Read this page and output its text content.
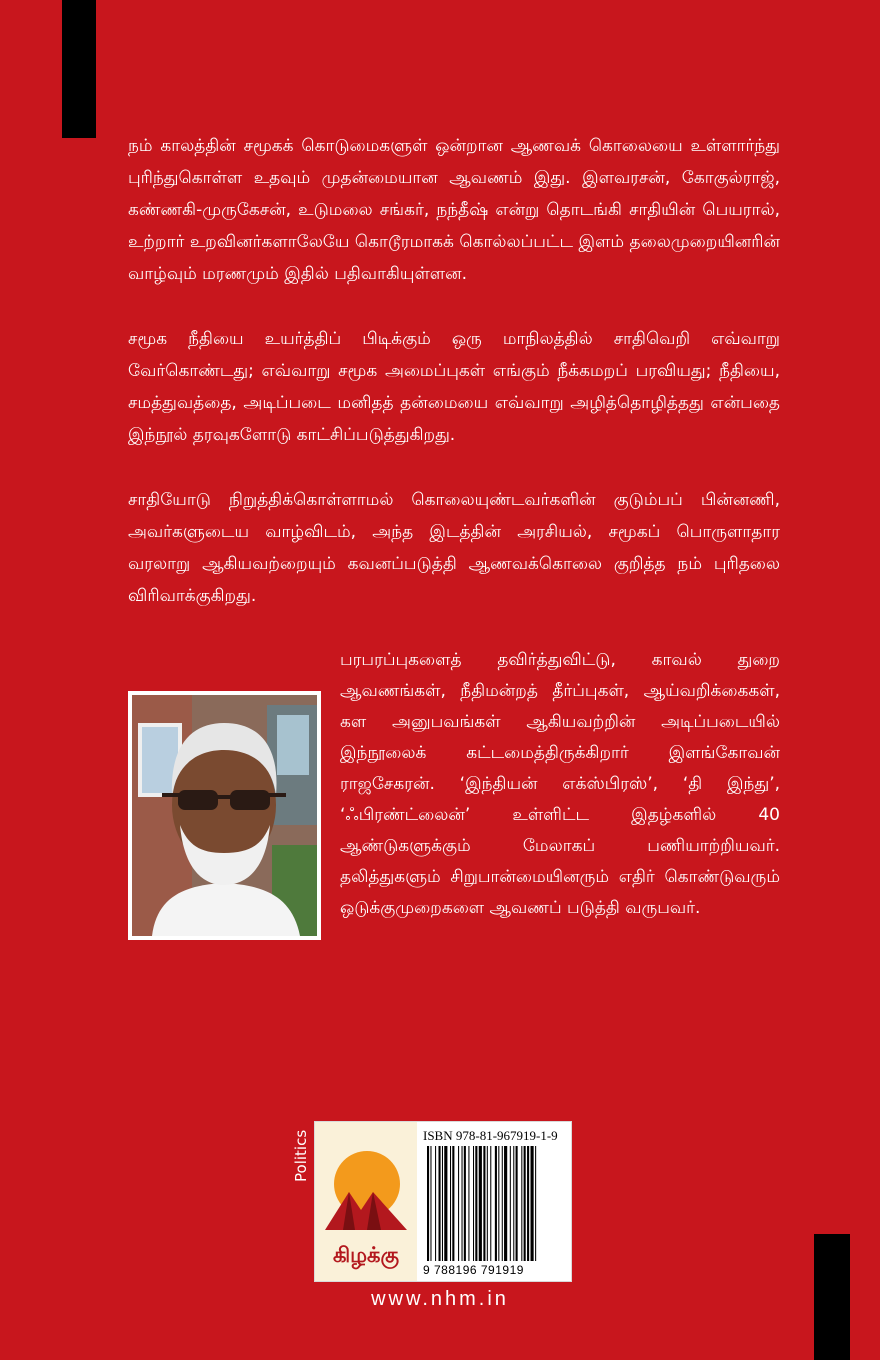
நம் காலத்தின் சமூகக் கொடுமைகளுள் ஒன்றான ஆணவக் கொலையை உள்ளார்ந்து புரிந்துகொள்ள உதவும் முதன்மையான ஆவணம் இது. இளவரசன், கோகுல்ராஜ், கண்ணகி-முருகேசன், உடுமலை சங்கர், நந்தீஷ் என்று தொடங்கி சாதியின் பெயரால், உற்றார் உறவினர்களாலேயே கொடூரமாகக் கொல்லப்பட்ட இளம் தலைமுறையினரின் வாழ்வும் மரணமும் இதில் பதிவாகியுள்ளன.

சமூக நீதியை உயர்த்திப் பிடிக்கும் ஒரு மாநிலத்தில் சாதிவெறி எவ்வாறு வேர்கொண்டது; எவ்வாறு சமூக அமைப்புகள் எங்கும் நீக்கமறப் பரவியது; நீதியை, சமத்துவத்தை, அடிப்படை மனிதத் தன்மையை எவ்வாறு அழித்தொழித்தது என்பதை இந்நூல் தரவுகளோடு காட்சிப்படுத்துகிறது.

சாதியோடு நிறுத்திக்கொள்ளாமல் கொலையுண்டவர்களின் குடும்பப் பின்னணி, அவர்களுடைய வாழ்விடம், அந்த இடத்தின் அரசியல், சமூகப் பொருளாதார வரலாறு ஆகியவற்றையும் கவனப்படுத்தி ஆணவக்கொலை குறித்த நம் புரிதலை விரிவாக்குகிறது.

பரபரப்புகளைத் தவிர்த்துவிட்டு, காவல் துறை ஆவணங்கள், நீதிமன்றத் தீர்ப்புகள், ஆய்வறிக்கைகள், கள அனுபவங்கள் ஆகியவற்றின் அடிப்படையில் இந்நூலைக் கட்டமைத்திருக்கிறார் இளங்கோவன் ராஜசேகரன். ‘இந்தியன் எக்ஸ்பிரஸ்’, ‘தி இந்து’, ‘ஃபிரண்ட்லைன்’ உள்ளிட்ட இதழ்களில் 40 ஆண்டுகளுக்கும் மேலாகப் பணியாற்றியவர். தலித்துகளும் சிறுபான்மையினரும் எதிர் கொண்டுவரும் ஒடுக்குமுறைகளை ஆவணப் படுத்தி வருபவர்.

Politics
கிழக்கு
ISBN 978-81-967919-1-9
9 788196 791919
www.nhm.in
